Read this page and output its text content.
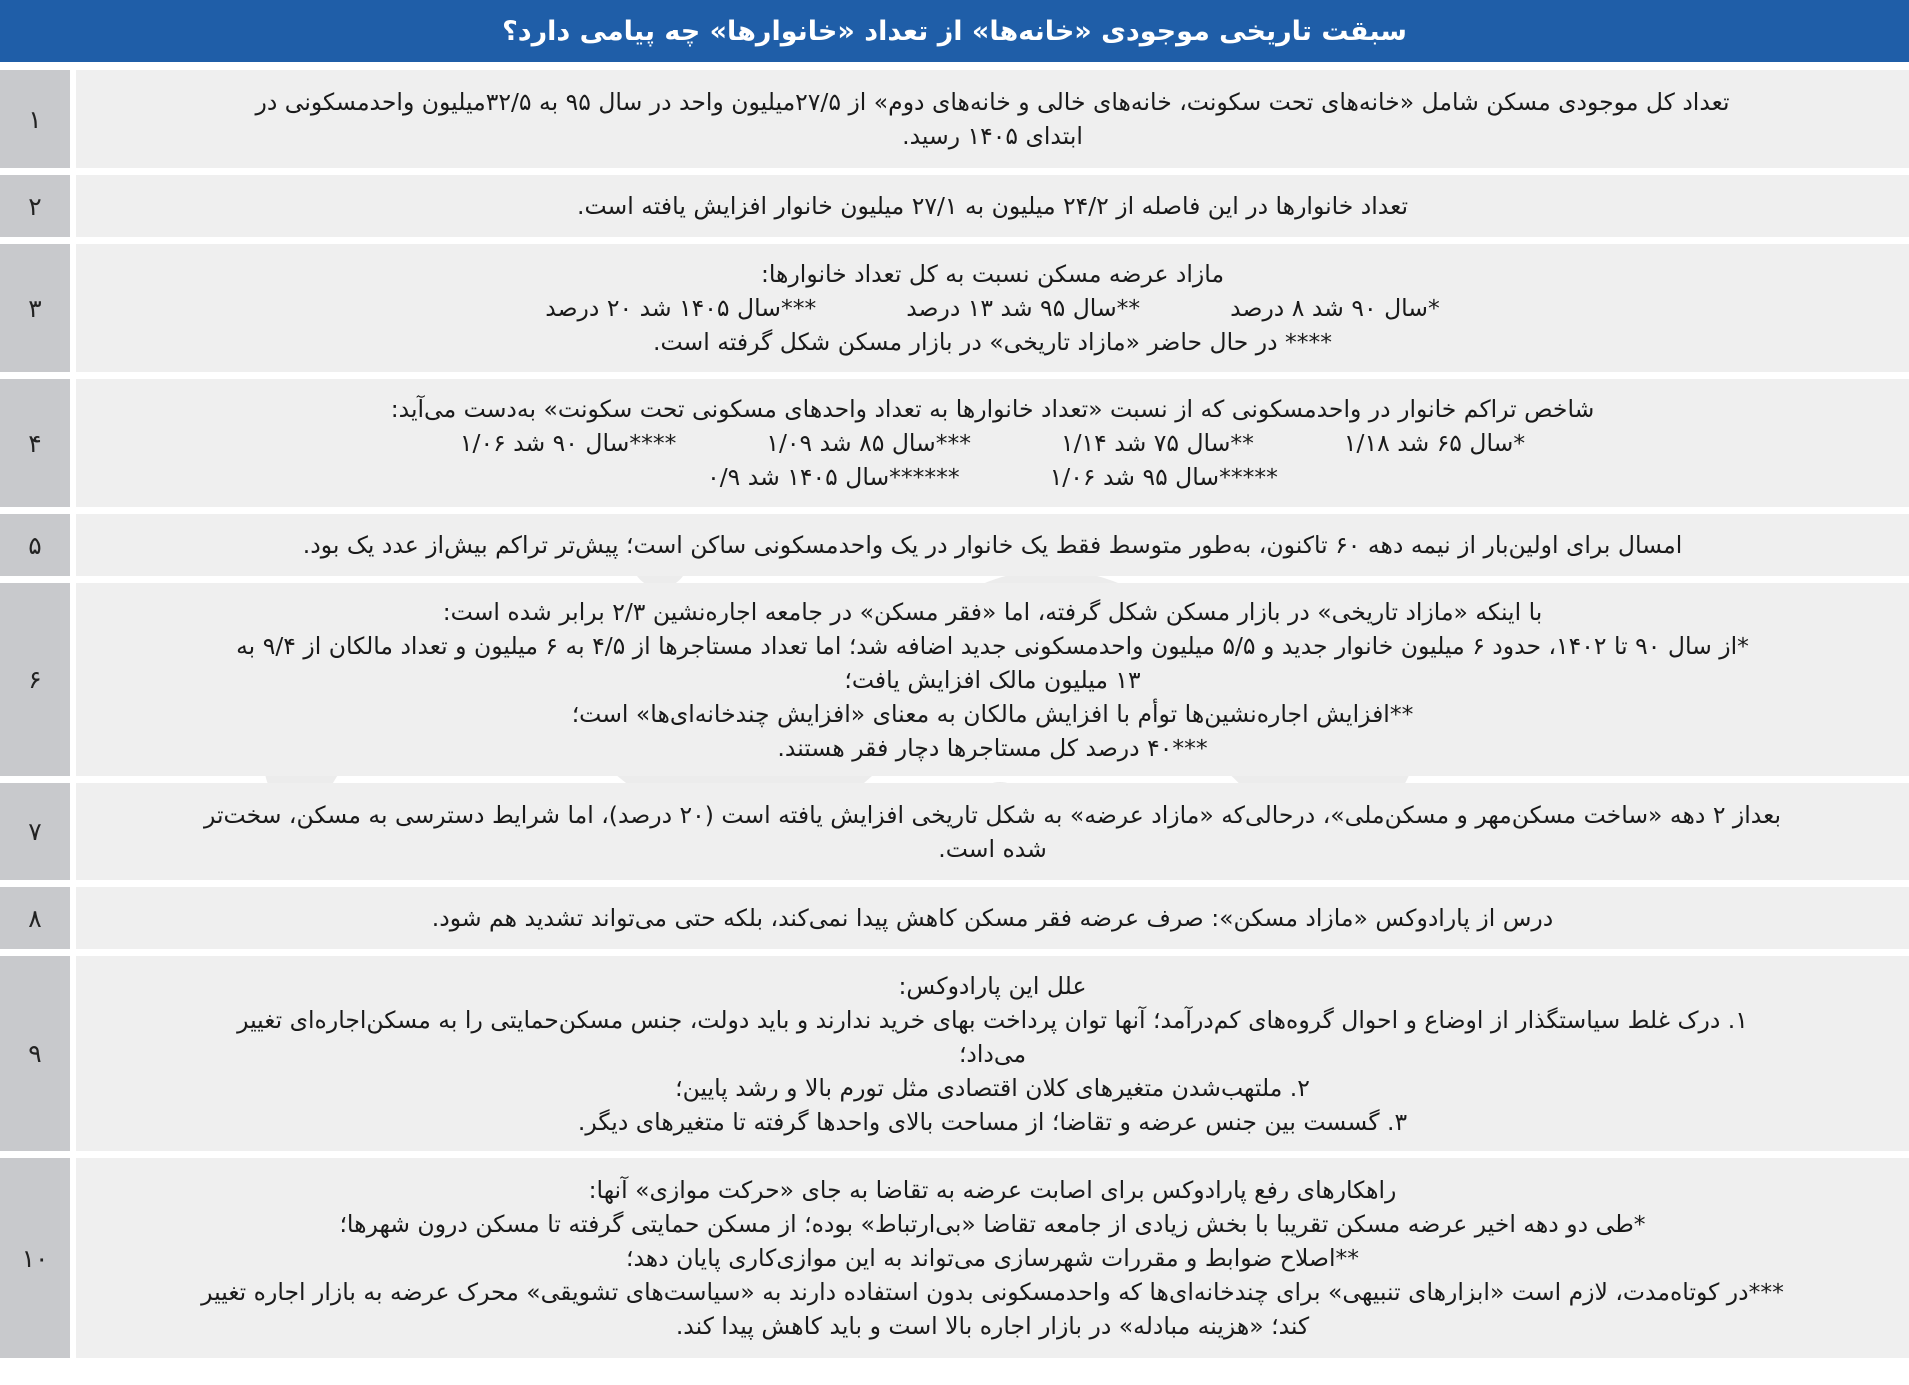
سبقت تاریخی موجودی «خانه‌ها» از تعداد «خانوارها» چه پیامی دارد؟
تعداد کل موجودی مسکن شامل «خانه‌های تحت سکونت، خانه‌های خالی و خانه‌های دوم» از ۲۷/۵میلیون واحد در سال ۹۵ به ۳۲/۵میلیون واحدمسکونی در
ابتدای ۱۴۰۵ رسید.
۱
تعداد خانوارها در این فاصله از ۲۴/۲ میلیون به ۲۷/۱ میلیون خانوار افزایش یافته است.
۲
مازاد عرضه مسکن نسبت به کل تعداد خانوارها:
*سال ۹۰ شد ۸ درصد
**سال ۹۵ شد ۱۳ درصد
***سال ۱۴۰۵ شد ۲۰ درصد
**** در حال حاضر «مازاد تاریخی» در بازار مسکن شکل گرفته است.
۳
شاخص تراکم خانوار در واحدمسکونی که از نسبت «تعداد خانوارها به تعداد واحدهای مسکونی تحت سکونت» به‌دست می‌آید:
*سال ۶۵ شد ۱/۱۸
**سال ۷۵ شد ۱/۱۴
***سال ۸۵ شد ۱/۰۹
****سال ۹۰ شد ۱/۰۶
*****سال ۹۵ شد ۱/۰۶
******سال ۱۴۰۵ شد ۰/۹
۴
امسال برای اولین‌بار از نیمه دهه ۶۰ تاکنون، به‌طور متوسط فقط یک خانوار در یک واحدمسکونی ساکن است؛ پیش‌تر تراکم بیش‌از عدد یک بود.
۵
با اینکه «مازاد تاریخی» در بازار مسکن شکل گرفته، اما «فقر مسکن» در جامعه اجاره‌نشین ۲/۳ برابر شده است:
*از سال ۹۰ تا ۱۴۰۲، حدود ۶ میلیون خانوار جدید و ۵/۵ میلیون واحدمسکونی جدید اضافه شد؛ اما تعداد مستاجرها از ۴/۵ به ۶ میلیون و تعداد مالکان از ۹/۴ به
۱۳ میلیون مالک افزایش یافت؛
**افزایش اجاره‌نشین‌ها توأم با افزایش مالکان به معنای «افزایش چندخانه‌ای‌ها» است؛
***۴۰ درصد کل مستاجرها دچار فقر هستند.
۶
بعداز ۲ دهه «ساخت مسکن‌مهر و مسکن‌ملی»، درحالی‌که «مازاد عرضه» به شکل تاریخی افزایش یافته است (۲۰ درصد)، اما شرایط دسترسی به مسکن، سخت‌تر
شده است.
۷
درس از پارادوکس «مازاد مسکن»: صرف عرضه فقر مسکن کاهش پیدا نمی‌کند، بلکه حتی می‌تواند تشدید هم شود.
۸
علل این پارادوکس:
۱. درک غلط سیاستگذار از اوضاع و احوال گروه‌های کم‌درآمد؛ آنها توان پرداخت بهای خرید ندارند و باید دولت، جنس مسکن‌حمایتی را به مسکن‌اجاره‌ای تغییر
می‌داد؛
۲. ملتهب‌شدن متغیرهای کلان اقتصادی مثل تورم بالا و رشد پایین؛
۳. گسست بین جنس عرضه و تقاضا؛ از مساحت بالای واحدها گرفته تا متغیرهای دیگر.
۹
راهکارهای رفع پارادوکس برای اصابت عرضه به تقاضا به جای «حرکت موازی» آنها:
*طی دو دهه اخیر عرضه مسکن تقریبا با بخش زیادی از جامعه تقاضا «بی‌ارتباط» بوده؛ از مسکن حمایتی گرفته تا مسکن درون شهرها؛
**اصلاح ضوابط و مقررات شهرسازی می‌تواند به این موازی‌کاری پایان دهد؛
***در کوتاه‌مدت، لازم است «ابزارهای تنبیهی» برای چندخانه‌ای‌ها که واحدمسکونی بدون استفاده دارند به «سیاست‌های تشویقی» محرک عرضه به بازار اجاره تغییر
کند؛ «هزینه مبادله» در بازار اجاره بالا است و باید کاهش پیدا کند.
۱۰
